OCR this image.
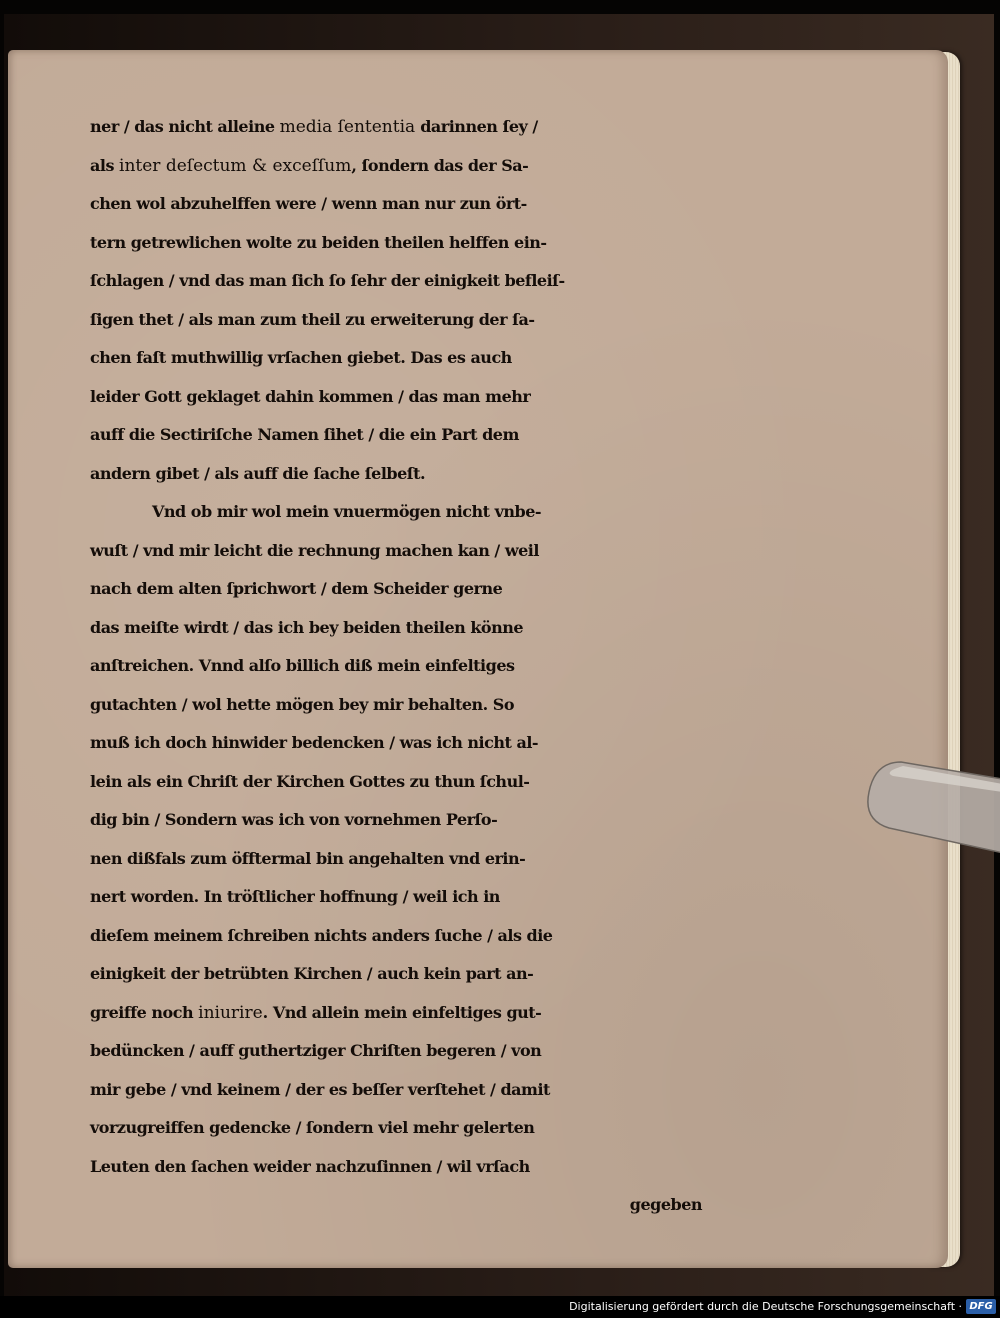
ner / das nicht alleine media ſententia darinnen ſey /
als inter deſectum & exceſſum, ſondern das der Sa-
chen wol abzuhelffen were / wenn man nur zun ört-
tern getrewlichen wolte zu beiden theilen helffen ein-
ſchlagen / vnd das man ſich ſo ſehr der einigkeit befleiſ-
ſigen thet / als man zum theil zu erweiterung der ſa-
chen faſt muthwillig vrſachen giebet. Das es auch
leider Gott geklaget dahin kommen / das man mehr
auff die Sectiriſche Namen ſihet / die ein Part dem
andern gibet / als auff die ſache ſelbeſt.
Vnd ob mir wol mein vnuermögen nicht vnbe-
wuſt / vnd mir leicht die rechnung machen kan / weil
nach dem alten ſprichwort / dem Scheider gerne
das meiſte wirdt / das ich bey beiden theilen könne
anſtreichen. Vnnd alſo billich diß mein einfeltiges
gutachten / wol hette mögen bey mir behalten. So
muß ich doch hinwider bedencken / was ich nicht al-
lein als ein Chriſt der Kirchen Gottes zu thun ſchul-
dig bin / Sondern was ich von vornehmen Perſo-
nen dißfals zum öfftermal bin angehalten vnd erin-
nert worden. In tröſtlicher hoffnung / weil ich in
dieſem meinem ſchreiben nichts anders ſuche / als die
einigkeit der betrübten Kirchen / auch kein part an-
greiffe noch iniurire. Vnd allein mein einfeltiges gut-
bedüncken / auff guthertziger Chriſten begeren / von
mir gebe / vnd keinem / der es beſſer verſtehet / damit
vorzugreiffen gedencke / ſondern viel mehr gelerten
Leuten den ſachen weider nachzuſinnen / wil vrſach
gegeben
Digitalisierung gefördert durch die Deutsche Forschungsgemeinschaft · DFG
